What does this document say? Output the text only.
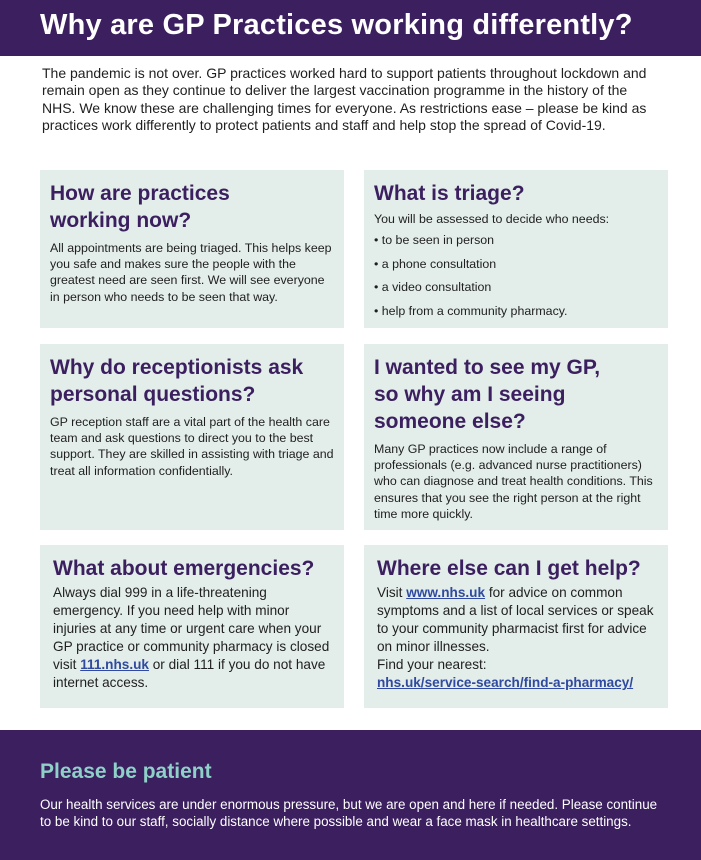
Why are GP Practices working differently?

The pandemic is not over. GP practices worked hard to support patients throughout lockdown and remain open as they continue to deliver the largest vaccination programme in the history of the NHS. We know these are challenging times for everyone. As restrictions ease – please be kind as practices work differently to protect patients and staff and help stop the spread of Covid-19.

How are practices working now?

All appointments are being triaged. This helps keep you safe and makes sure the people with the greatest need are seen first. We will see everyone in person who needs to be seen that way.

What is triage?

You will be assessed to decide who needs:

• to be seen in person
• a phone consultation
• a video consultation
• help from a community pharmacy.
Why do receptionists ask personal questions?

GP reception staff are a vital part of the health care team and ask questions to direct you to the best support. They are skilled in assisting with triage and treat all information confidentially.

I wanted to see my GP, so why am I seeing someone else?

Many GP practices now include a range of professionals (e.g. advanced nurse practitioners) who can diagnose and treat health conditions. This ensures that you see the right person at the right time more quickly.

What about emergencies?

Always dial 999 in a life-threatening emergency. If you need help with minor injuries at any time or urgent care when your GP practice or community pharmacy is closed visit 111.nhs.uk or dial 111 if you do not have internet access.

Where else can I get help?

Visit www.nhs.uk for advice on common symptoms and a list of local services or speak to your community pharmacist first for advice on minor illnesses.
Find your nearest:
nhs.uk/service-search/find-a-pharmacy/

Please be patient

Our health services are under enormous pressure, but we are open and here if needed. Please continue to be kind to our staff, socially distance where possible and wear a face mask in healthcare settings.
